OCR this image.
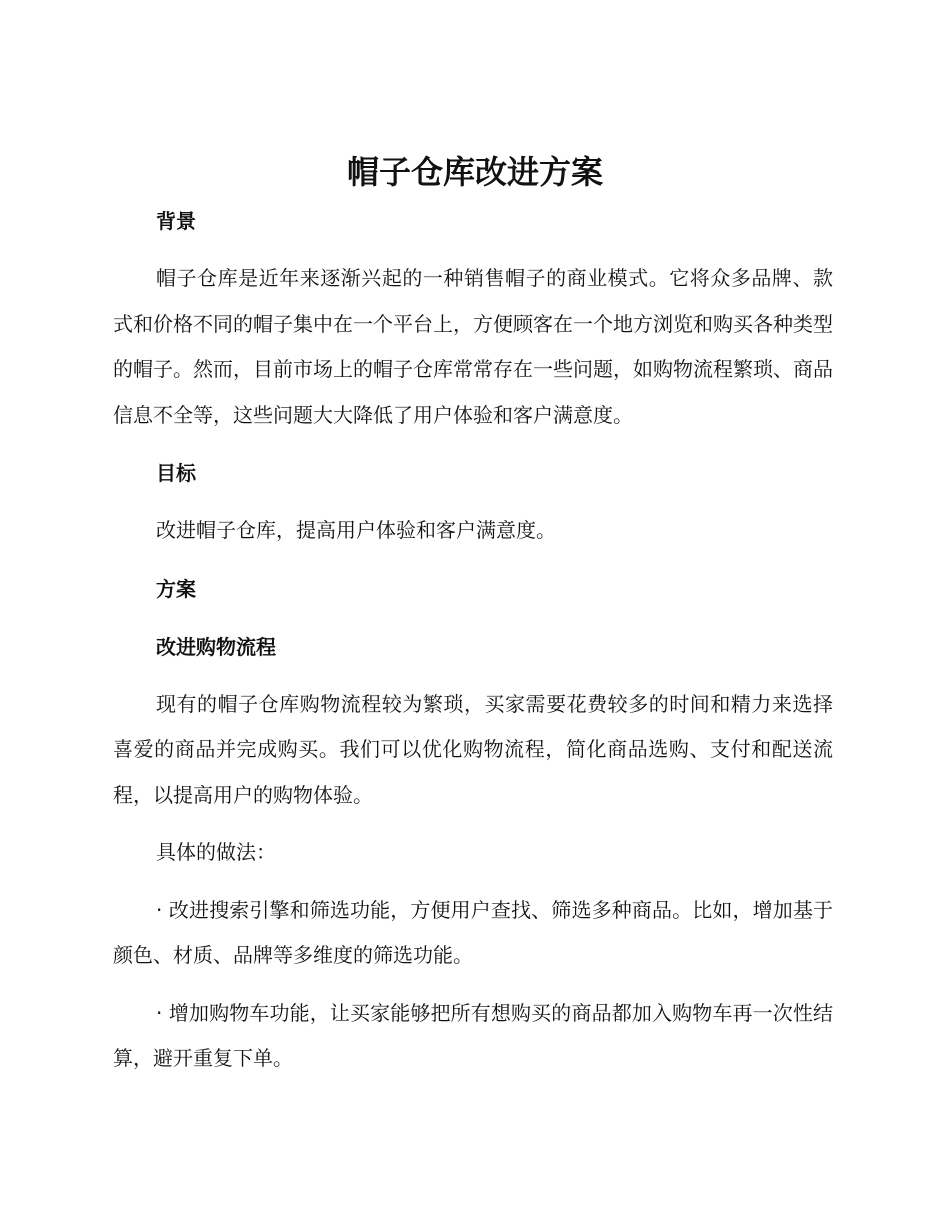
帽子仓库改进方案
背景

帽子仓库是近年来逐渐兴起的一种销售帽子的商业模式。它将众多品牌、款式和价格不同的帽子集中在一个平台上，方便顾客在一个地方浏览和购买各种类型的帽子。然而，目前市场上的帽子仓库常常存在一些问题，如购物流程繁琐、商品信息不全等，这些问题大大降低了用户体验和客户满意度。

目标

改进帽子仓库，提高用户体验和客户满意度。

方案
改进购物流程

现有的帽子仓库购物流程较为繁琐，买家需要花费较多的时间和精力来选择喜爱的商品并完成购买。我们可以优化购物流程，简化商品选购、支付和配送流程，以提高用户的购物体验。

具体的做法：

· 改进搜索引擎和筛选功能，方便用户查找、筛选多种商品。比如，增加基于颜色、材质、品牌等多维度的筛选功能。

· 增加购物车功能，让买家能够把所有想购买的商品都加入购物车再一次性结算，避开重复下单。
